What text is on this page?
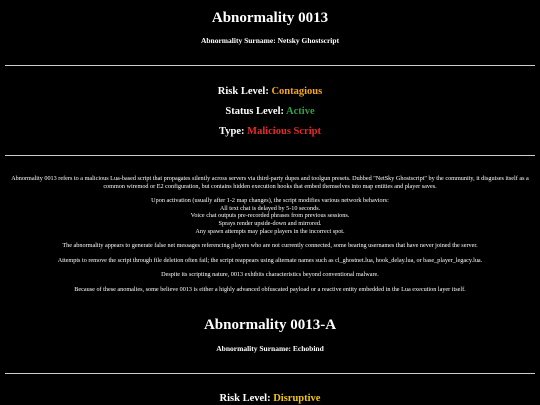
Abnormality 0013
Abnormality Surname: Netsky Ghostscript
Risk Level: Contagious
Status Level: Active
Type: Malicious Script
Abnormality 0013 refers to a malicious Lua-based script that propagates silently across servers via third-party dupes and toolgun presets. Dubbed "NetSky Ghostscript" by the community, it disguises itself as a common wiremod or E2 configuration, but contains hidden execution hooks that embed themselves into map entities and player saves.
Upon activation (usually after 1-2 map changes), the script modifies various network behaviors:
All text chat is delayed by 5-10 seconds.
Voice chat outputs pre-recorded phrases from previous sessions.
Sprays render upside-down and mirrored.
Any spawn attempts may place players in the incorrect spot.
The abnormality appears to generate false net messages referencing players who are not currently connected, some bearing usernames that have never joined the server.
Attempts to remove the script through file deletion often fail; the script reappears using alternate names such as cl_ghostnet.lua, hook_delay.lua, or base_player_legacy.lua.
Despite its scripting nature, 0013 exhibits characteristics beyond conventional malware.
Because of these anomalies, some believe 0013 is either a highly advanced obfuscated payload or a reactive entity embedded in the Lua execution layer itself.
Abnormality 0013-A
Abnormality Surname: Echobind
Risk Level: Disruptive
